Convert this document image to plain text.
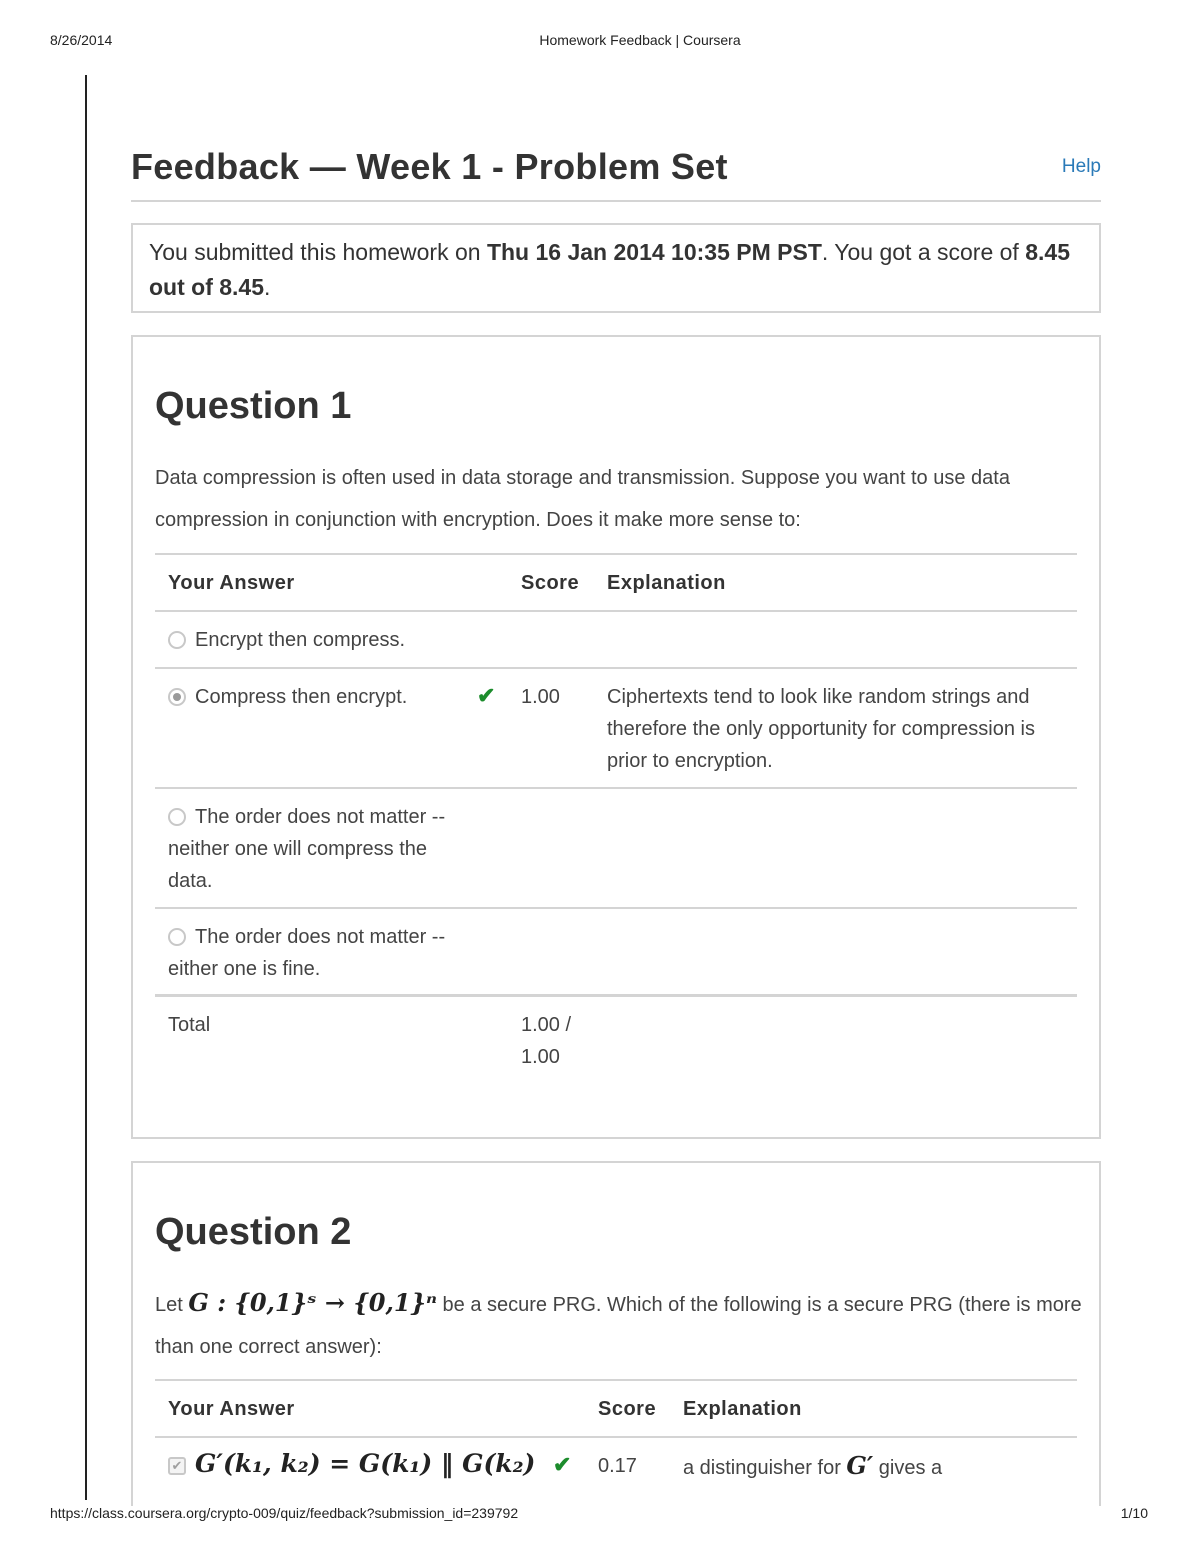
8/26/2014	Homework Feedback | Coursera
Feedback — Week 1 - Problem Set	Help
You submitted this homework on Thu 16 Jan 2014 10:35 PM PST. You got a score of 8.45 out of 8.45.
Question 1
Data compression is often used in data storage and transmission. Suppose you want to use data compression in conjunction with encryption. Does it make more sense to:
Your Answer	Score Explanation
Encrypt then compress.
Compress then encrypt.	✔ 1.00 Ciphertexts tend to look like random strings and therefore the only opportunity for compression is prior to encryption.
The order does not matter -- neither one will compress the data.
The order does not matter -- either one is fine.
Total	1.00 / 1.00
Question 2
Let G : {0,1}ˢ → {0,1}ⁿ be a secure PRG. Which of the following is a secure PRG (there is more than one correct answer):
Your Answer	Score Explanation
✔ G′(k₁, k₂) = G(k₁) ‖ G(k₂) ✔ 0.17 a distinguisher for G′ gives a
https://class.coursera.org/crypto-009/quiz/feedback?submission_id=239792	1/10
